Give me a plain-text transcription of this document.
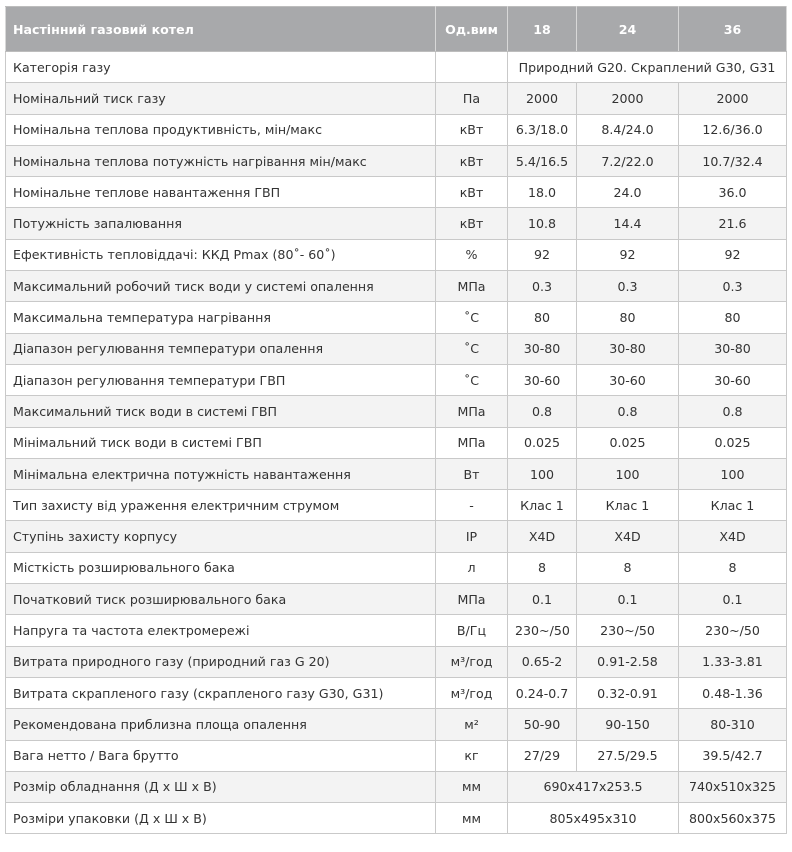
Настінний газовий котел	Од.вим	18	24	36
Категорія газу		Природний G20. Скраплений G30, G31		
Номінальний тиск газу	Па	2000	2000	2000
Номінальна теплова продуктивність, мін/макс	кВт	6.3/18.0	8.4/24.0	12.6/36.0
Номінальна теплова потужність нагрівання мін/макс	кВт	5.4/16.5	7.2/22.0	10.7/32.4
Номінальне теплове навантаження ГВП	кВт	18.0	24.0	36.0
Потужність запалювання	кВт	10.8	14.4	21.6
Ефективність тепловіддачі: ККД Pmax (80˚- 60˚)	%	92	92	92
Максимальний робочий тиск води у системі опалення	МПа	0.3	0.3	0.3
Максимальна температура нагрівання	˚С	80	80	80
Діапазон регулювання температури опалення	˚С	30-80	30-80	30-80
Діапазон регулювання температури ГВП	˚С	30-60	30-60	30-60
Максимальний тиск води в системі ГВП	МПа	0.8	0.8	0.8
Мінімальний тиск води в системі ГВП	МПа	0.025	0.025	0.025
Мінімальна електрична потужність навантаження	Вт	100	100	100
Тип захисту від ураження електричним струмом	-	Клас 1	Клас 1	Клас 1
Ступінь захисту корпусу	IP	X4D	X4D	X4D
Місткість розширювального бака	л	8	8	8
Початковий тиск розширювального бака	МПа	0.1	0.1	0.1
Напруга та частота електромережі	В/Гц	230~/50	230~/50	230~/50
Витрата природного газу (природний газ G 20)	м³/год	0.65-2	0.91-2.58	1.33-3.81
Витрата скрапленого газу (скрапленого газу G30, G31)	м³/год	0.24-0.7	0.32-0.91	0.48-1.36
Рекомендована приблизна площа опалення	м²	50-90	90-150	80-310
Вага нетто / Вага брутто	кг	27/29	27.5/29.5	39.5/42.7
Розмір обладнання (Д х Ш х В)	мм	690x417x253.5		740x510x325
Розміри упаковки (Д х Ш х В)	мм	805x495x310		800x560x375
